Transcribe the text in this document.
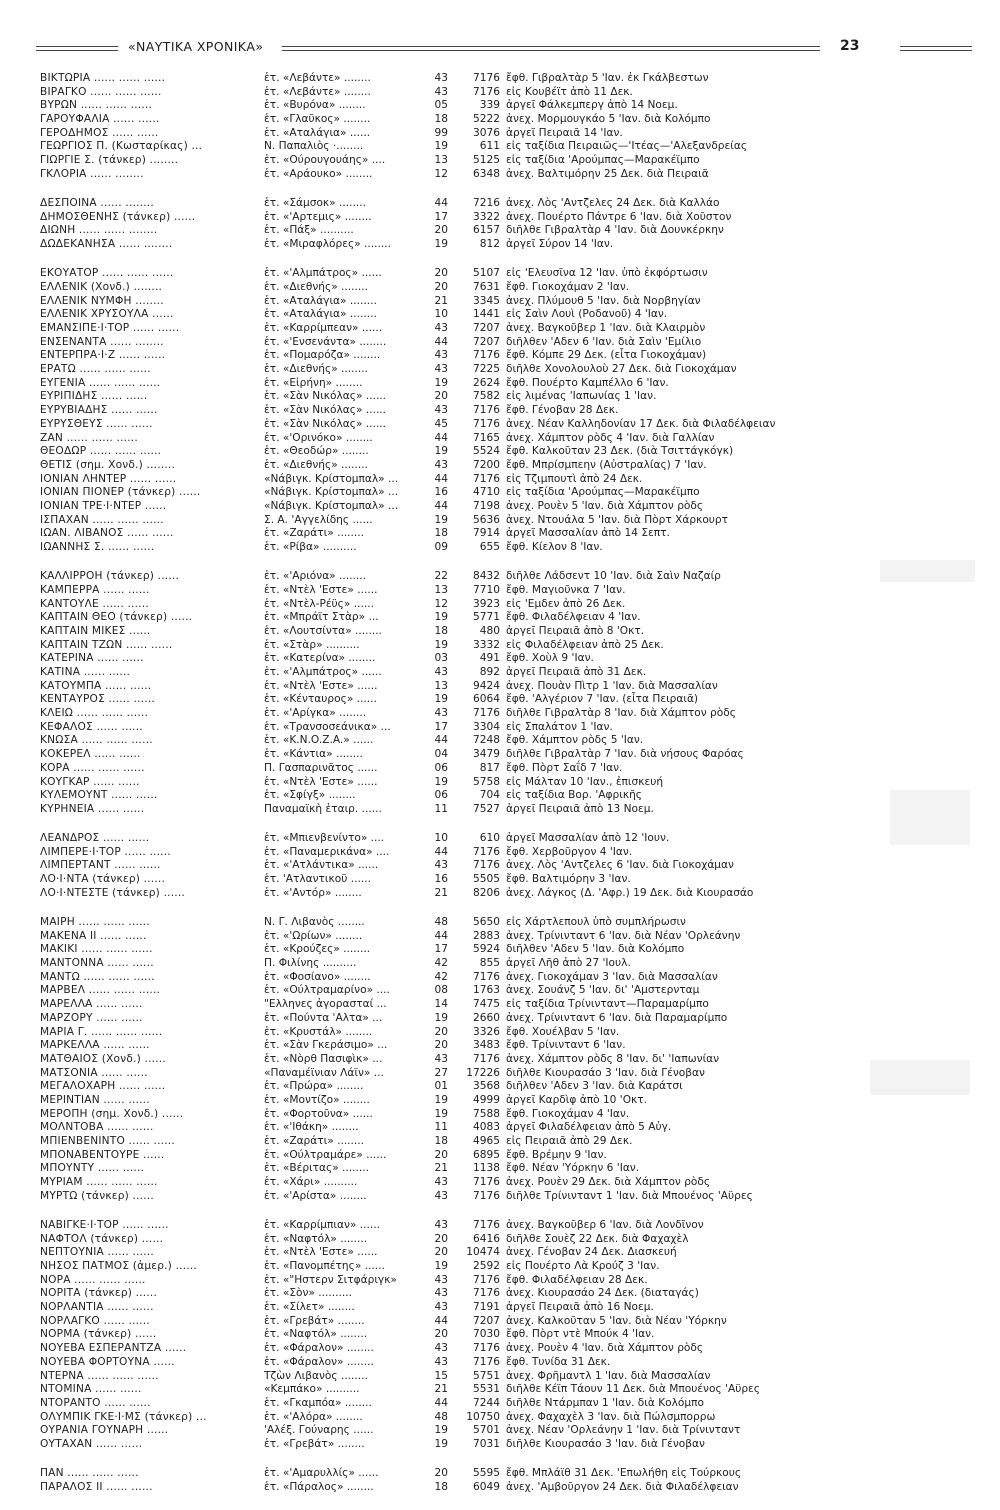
«ΝΑΥΤΙΚΑ ΧΡΟΝΙΚΑ»	23
ΒΙΚΤΩΡΙΑ ...... ...... ......	ἑτ. «Λεβάντε» ........	43	7176 ἔφθ. Γιβραλτὰρ 5 'Ιαν. ἐκ Γκάλβεστων
ΒΙΡΑΓΚΟ ...... ...... ......	ἑτ. «Λεβάντε» ........	43	7176 εἰς Κουβέϊτ ἀπὸ 11 Δεκ.
ΒΥΡΩΝ ...... ...... ......	ἑτ. «Βυρόνα» ........	05	339 ἀργεῖ Φάλκεμπεργ ἀπὸ 14 Νοεμ.
ΓΑΡΟΥΦΑΛΙΑ ...... ......	ἑτ. «Γλαῦκος» ........	18	5222 ἀνεχ. Μορμουγκάο 5 'Ιαν. διὰ Κολόμπο
ΓΕΡΟΔΗΜΟΣ ...... ......	ἑτ. «Αταλάγια» ......	99	3076 ἀργεῖ Πειραιᾶ 14 'Ιαν.
ΓΕΩΡΓΙΟΣ Π. (Κωσταρίκας) ...	Ν. Παπαλιὸς ·........	19	611 εἰς ταξίδια Πειραιῶς—'Ιτέας—'Αλεξανδρείας
ΓΙΩΡΓΙΕ Σ. (τάνκερ) ........	ἑτ. «Ούρουγουάης» ....	13	5125 εἰς ταξίδια 'Αρούμπας—Μαρακέϊμπο
ΓΚΛΟΡΙΑ ...... ........	ἑτ. «Αράουκο» ........	12	6348 ἀνεχ. Βαλτιμόρην 25 Δεκ. διὰ Πειραιᾶ
ΔΕΣΠΟΙΝΑ ...... ........	ἑτ. «Σάμσοκ» ........	44	7216 ἀνεχ. Λὸς 'Αντζελες 24 Δεκ. διὰ Καλλάο
ΔΗΜΟΣΘΕΝΗΣ (τάνκερ) ......	ἑτ. «'Αρτεμις» ........	17	3322 ἀνεχ. Πουέρτο Πάντρε 6 'Ιαν. διὰ Χοῦστον
ΔΙΩΝΗ ...... ...... ........	ἑτ. «Πάξ» ..........	20	6157 διῆλθε Γιβραλτὰρ 4 'Ιαν. διὰ Δουνκέρκην
ΔΩΔΕΚΑΝΗΣΑ ...... ........	ἑτ. «Μιραφλόρες» ........	19	812 ἀργεῖ Σύρον 14 'Ιαν.
ΕΚΟΥΑΤΟΡ ...... ...... ......	ἑτ. «'Αλμπάτρος» ......	20	5107 εἰς 'Ελευσῖνα 12 'Ιαν. ὑπὸ ἐκφόρτωσιν
ΕΛΛΕΝΙΚ (Χονδ.) ........	ἑτ. «Διεθνής» ........	20	7631 ἔφθ. Γιοκοχάμαν 2 'Ιαν.
ΕΛΛΕΝΙΚ ΝΥΜΦΗ ........	ἑτ. «Αταλάγια» ........	21	3345 ἀνεχ. Πλύμουθ 5 'Ιαν. διὰ Νορβηγίαν
ΕΛΛΕΝΙΚ ΧΡΥΣΟΥΛΑ ......	ἑτ. «Αταλάγια» ........	10	1441 εἰς Σαὶν Λουὶ (Ροδανοῦ) 4 'Ιαν.
ΕΜΑΝΣΙΠΕ·Ι·ΤΟΡ ...... ......	ἑτ. «Καρρίμπεαν» ......	43	7207 ἀνεχ. Βαγκοῦβερ 1 'Ιαν. διὰ Κλαιρμὸν
ΕΝΣΕΝΑΝΤΑ ...... ........	ἑτ. «'Ενσενάντα» ........	44	7207 διῆλθεν 'Αδεν 6 'Ιαν. διὰ Σαὶν 'Εμίλιο
ΕΝΤΕΡΠΡΑ·Ι·Ζ ...... ......	ἑτ. «Πομαρόζα» ........	43	7176 ἔφθ. Κόμπε 29 Δεκ. (εἶτα Γιοκοχάμαν)
ΕΡΑΤΩ ...... ...... ......	ἑτ. «Διεθνής» ........	43	7225 διῆλθε Χονολουλοὺ 27 Δεκ. διὰ Γιοκοχάμαν
ΕΥΓΕΝΙΑ ...... ...... ......	ἑτ. «Εἰρήνη» ........	19	2624 ἔφθ. Πουέρτο Καμπέλλο 6 'Ιαν.
ΕΥΡΙΠΙΔΗΣ ...... ......	ἑτ. «Σὰν Νικόλας» ......	20	7582 εἰς λιμένας 'Ιαπωνίας 1 'Ιαν.
ΕΥΡΥΒΙΑΔΗΣ ...... ......	ἑτ. «Σὰν Νικόλας» ......	43	7176 ἔφθ. Γένοβαν 28 Δεκ.
ΕΥΡΥΣΘΕΥΣ ...... ......	ἑτ. «Σὰν Νικόλας» ......	45	7176 ἀνεχ. Νέαν Καλληδονίαν 17 Δεκ. διὰ Φιλαδέλφειαν
ΖΑΝ ...... ...... ......	ἑτ. «'Ορινόκο» ........	44	7165 ἀνεχ. Χάμπτον ρὸδς 4 'Ιαν. διὰ Γαλλίαν
ΘΕΟΔΩΡ ...... ...... ......	ἑτ. «Θεοδώρ» ........	19	5524 ἔφθ. Καλκοῦταν 23 Δεκ. (διὰ Τσιττάγκόγκ)
ΘΕΤΙΣ (σημ. Χονδ.) ........	ἑτ. «Διεθνής» ........	43	7200 ἔφθ. Μπρίσμπεην (Αὐστραλίας) 7 'Ιαν.
ΙΟΝΙΑΝ ΛΗΝΤΕΡ ...... ......	«Νάβιγκ. Κρίστομπαλ» ...	44	7176 εἰς Τζιμπουτὶ ἀπὸ 24 Δεκ.
ΙΟΝΙΑΝ ΠΙΟΝΕΡ (τάνκερ) ......	«Νάβιγκ. Κρίστομπαλ» ...	16	4710 εἰς ταξίδια 'Αρούμπας—Μαρακέϊμπο
ΙΟΝΙΑΝ ΤΡΕ·Ι·ΝΤΕΡ ......	«Νάβιγκ. Κρίστομπαλ» ...	44	7198 ἀνεχ. Ρουὲν 5 'Ιαν. διὰ Χάμπτον ρὸδς
ΙΣΠΑΧΑΝ ...... ...... ......	Σ. Α. 'Αγγελίδης ......	19	5636 ἀνεχ. Ντουάλα 5 'Ιαν. διὰ Πὸρτ Χάρκουρτ
ΙΩΑΝ. ΛΙΒΑΝΟΣ ...... ......	ἑτ. «Ζαράτι» ........	18	7914 ἀργεῖ Μασσαλίαν ἀπὸ 14 Σεπτ.
ΙΩΑΝΝΗΣ Σ. ...... ......	ἑτ. «Ρίβα» ..........	09	655 ἔφθ. Κίελον 8 'Ιαν.
ΚΑΛΛΙΡΡΟΗ (τάνκερ) ......	ἑτ. «'Αριόνα» ........	22	8432 διῆλθε Λάδσεντ 10 'Ιαν. διὰ Σαὶν Ναζαίρ
ΚΑΜΠΕΡΡΑ ...... ......	ἑτ. «Ντὲλ 'Εστε» ......	13	7710 ἔφθ. Μαγιοῦνκα 7 'Ιαν.
ΚΑΝΤΟΥΛΕ ...... ......	ἑτ. «Ντὲλ-Ρέϋς» ......	12	3923 εἰς 'Εμδεν ἀπὸ 26 Δεκ.
ΚΑΠΤΑΙΝ ΘΕΟ (τάνκερ) ......	ἑτ. «Μπράϊτ Στὰρ» ...	19	5771 ἔφθ. Φιλαδέλφειαν 4 'Ιαν.
ΚΑΠΤΑΙΝ ΜΙΚΕΣ ......	ἑτ. «Λουτσίντα» ........	18	480 ἀργεῖ Πειραιᾶ ἀπὸ 8 'Οκτ.
ΚΑΠΤΑΙΝ ΤΖΩΝ ...... ......	ἑτ. «Στὰρ» ..........	19	3332 εἰς Φιλαδέλφειαν ἀπὸ 25 Δεκ.
ΚΑΤΕΡΙΝΑ ...... ......	ἑτ. «Κατερίνα» ........	03	491 ἔφθ. Χοὺλ 9 'Ιαν.
ΚΑΤΙΝΑ ...... ......	ἑτ. «'Αλμπάτρος» ......	43	892 ἀργεῖ Πειραιᾶ ἀπὸ 31 Δεκ.
ΚΑΤΟΥΜΠΑ ...... ......	ἑτ. «Ντὲλ 'Εστε» ......	13	9424 ἀνεχ. Πουὰν Πὶτρ 1 'Ιαν. διὰ Μασσαλίαν
ΚΕΝΤΑΥΡΟΣ ...... ......	ἑτ. «Κένταυρος» ......	19	6064 ἔφθ. 'Αλγέριον 7 'Ιαν. (εἶτα Πειραιᾶ)
ΚΛΕΙΩ ...... ...... ......	ἑτ. «'Αρίγκα» ........	43	7176 διῆλθε Γιβραλτὰρ 8 'Ιαν. διὰ Χάμπτον ρὸδς
ΚΕΦΑΛΟΣ ...... ......	ἑτ. «Τρανσοσεάνικα» ...	17	3304 εἰς Σπαλάτον 1 'Ιαν.
ΚΝΩΣΑ ...... ...... ......	ἑτ. «K.N.O.Z.A.» ......	44	7248 ἔφθ. Χάμπτον ρὸδς 5 'Ιαν.
ΚΟΚΕΡΕΛ ...... ......	ἑτ. «Κάντια» ........	04	3479 διῆλθε Γιβραλτὰρ 7 'Ιαν. διὰ νήσους Φαρόας
ΚΟΡΑ ...... ...... ......	Π. Γασπαρινᾶτος ......	06	817 ἔφθ. Πὸρτ Σαΐδ 7 'Ιαν.
ΚΟΥΓΚΑΡ ...... ......	ἑτ. «Ντὲλ 'Εστε» ......	19	5758 εἰς Μάλταν 10 'Ιαν., ἐπισκευή
ΚΥΛΕΜΟΥΝΤ ...... ......	ἑτ. «Σφίγξ» ........	06	704 εἰς ταξίδια Βορ. 'Αφρικῆς
ΚΥΡΗΝΕΙΑ ...... ......	Παναμαϊκὴ ἑταιρ. ......	11	7527 ἀργεῖ Πειραιᾶ ἀπὸ 13 Νοεμ.
ΛΕΑΝΔΡΟΣ ...... ......	ἑτ. «Μπιενβενίντο» ....	10	610 ἀργεῖ Μασσαλίαν ἀπὸ 12 'Ιουν.
ΛΙΜΠΕΡΕ·Ι·ΤΟΡ ...... ......	ἑτ. «Παναμερικάνα» ....	44	7176 ἔφθ. Χερβοῦργον 4 'Ιαν.
ΛΙΜΠΕΡΤΑΝΤ ...... ......	ἑτ. «'Ατλάντικα» ......	43	7176 ἀνεχ. Λὸς 'Αντζελες 6 'Ιαν. διὰ Γιοκοχάμαν
ΛΟ·Ι·ΝΤΑ (τάνκερ) ......	ἑτ. 'Ατλαντικοῦ ......	16	5505 ἔφθ. Βαλτιμόρην 3 'Ιαν.
ΛΟ·Ι·ΝΤΕΣΤΕ (τάνκερ) ......	ἑτ. «'Αντόρ» ........	21	8206 ἀνεχ. Λάγκος (Δ. 'Αφρ.) 19 Δεκ. διὰ Κιουρασάο
ΜΑΙΡΗ ...... ...... ......	Ν. Γ. Λιβανὸς ........	48	5650 εἰς Χάρτλεπουλ ὑπὸ συμπλήρωσιν
ΜΑΚΕΝΑ ΙΙ ...... ......	ἑτ. «'Ωρίων» ........	44	2883 ἀνεχ. Τρίνινταντ 6 'Ιαν. διὰ Νέαν 'Ορλεάνην
ΜΑΚΙΚΙ ...... ...... ......	ἑτ. «Κρούζες» ........	17	5924 διῆλθεν 'Αδεν 5 'Ιαν. διὰ Κολόμπο
ΜΑΝΤΟΝΝΑ ...... ......	Π. Φιλίνης ..........	42	855 ἀργεῖ Λῆθ ἀπὸ 27 'Ιουλ.
ΜΑΝΤΩ ...... ...... ......	ἑτ. «Φοσίανο» ........	42	7176 ἀνεχ. Γιοκοχάμαν 3 'Ιαν. διὰ Μασσαλίαν
ΜΑΡΒΕΛ ...... ...... ......	ἑτ. «Ούλτραμαρίνο» ....	08	1763 ἀνεχ. Σουάνζ 5 'Ιαν. δι' 'Αμστερνταμ
ΜΑΡΕΛΛΑ ...... ......	"Ελληνες ἀγορασταί ...	14	7475 εἰς ταξίδια Τρίνινταντ—Παραμαρίμπο
ΜΑΡΖΟΡΥ ...... ......	ἑτ. «Πούντα 'Αλτα» ...	19	2660 ἀνεχ. Τρίνινταντ 6 'Ιαν. διὰ Παραμαρίμπο
ΜΑΡΙΑ Γ. ...... ...... ......	ἑτ. «Κρυστάλ» ........	20	3326 ἔφθ. Χουέλβαν 5 'Ιαν.
ΜΑΡΚΕΛΛΑ ...... ......	ἑτ. «Σὰν Γκεράσιμο» ...	20	3483 ἔφθ. Τρίνινταντ 6 'Ιαν.
ΜΑΤΘΑΙΟΣ (Χονδ.) ......	ἑτ. «Νὸρθ Πασιφὶκ» ...	43	7176 ἀνεχ. Χάμπτον ρὸδς 8 'Ιαν. δι' 'Ιαπωνίαν
ΜΑΤΣΟΝΙΑ ...... ......	«Παναμέϊνιαν Λάϊν» ...	27	17226 διῆλθε Κιουρασάο 3 'Ιαν. διὰ Γένοβαν
ΜΕΓΑΛΟΧΑΡΗ ...... ......	ἑτ. «Πρώρα» ........	01	3568 διῆλθεν 'Αδεν 3 'Ιαν. διὰ Καράτσι
ΜΕΡΙΝΤΙΑΝ ...... ......	ἑτ. «Μοντίζο» ........	19	4999 ἀργεῖ Καρδὶφ ἀπὸ 10 'Οκτ.
ΜΕΡΟΠΗ (σημ. Χονδ.) ......	ἑτ. «Φορτοῦνα» ......	19	7588 ἔφθ. Γιοκοχάμαν 4 'Ιαν.
ΜΟΛΝΤΟΒΑ ...... ......	ἑτ. «'Ιθάκη» ........	11	4083 ἀργεῖ Φιλαδέλφειαν ἀπὸ 5 Αὐγ.
ΜΠΙΕΝΒΕΝΙΝΤΟ ...... ......	ἑτ. «Ζαράτι» ........	18	4965 εἰς Πειραιᾶ ἀπὸ 29 Δεκ.
ΜΠΟΝΑΒΕΝΤΟΥΡΕ ......	ἑτ. «Ούλτραμάρε» ......	20	6895 ἔφθ. Βρέμην 9 'Ιαν.
ΜΠΟΥΝΤΥ ...... ......	ἑτ. «Βέριτας» ........	21	1138 ἔφθ. Νέαν 'Υόρκην 6 'Ιαν.
ΜΥΡΙΑΜ ...... ...... ......	ἑτ. «Χάρι» ..........	43	7176 ἀνεχ. Ρουὲν 29 Δεκ. διὰ Χάμπτον ρὸδς
ΜΥΡΤΩ (τάνκερ) ......	ἑτ. «'Αρίστα» ........	43	7176 διῆλθε Τρίνινταντ 1 'Ιαν. διὰ Μπουένος 'Αϋρες
ΝΑΒΙΓΚΕ·Ι·ΤΟΡ ...... ......	ἑτ. «Καρρίμπιαν» ......	43	7176 ἀνεχ. Βαγκοῦβερ 6 'Ιαν. διὰ Λονδῖνον
ΝΑΦΤΟΛ (τάνκερ) ......	ἑτ. «Ναφτόλ» ........	20	6416 διῆλθε Σουὲζ 22 Δεκ. διὰ Φαχαχὲλ
ΝΕΠΤΟΥΝΙΑ ...... ......	ἑτ. «Ντὲλ 'Εστε» ......	20	10474 ἀνεχ. Γένοβαν 24 Δεκ. Διασκευή
ΝΗΣΟΣ ΠΑΤΜΟΣ (ἀμερ.) ......	ἑτ. «Πανομπέτης» ......	19	2592 εἰς Πουέρτο Λὰ Κρούζ 3 'Ιαν.
ΝΟΡΑ ...... ...... ......	ἑτ. «"Ηστερν Σιτφάριγκ»	43	7176 ἔφθ. Φιλαδέλφειαν 28 Δεκ.
ΝΟΡΙΤΑ (τάνκερ) ......	ἑτ. «Σὸν» ..........	43	7176 ἀνεχ. Κιουρασάο 24 Δεκ. (διαταγάς)
ΝΟΡΛΑΝΤΙΑ ...... ......	ἑτ. «Σίλετ» ........	43	7191 ἀργεῖ Πειραιᾶ ἀπὸ 16 Νοεμ.
ΝΟΡΛΑΓΚΟ ...... ......	ἑτ. «Γρεβάτ» ........	44	7207 ἀνεχ. Καλκοῦταν 5 'Ιαν. διὰ Νέαν 'Υόρκην
ΝΟΡΜΑ (τάνκερ) ......	ἑτ. «Ναφτόλ» ........	20	7030 ἔφθ. Πὸρτ ντὲ Μπούκ 4 'Ιαν.
ΝΟΥΕΒΑ ΕΣΠΕΡΑΝΤΖΑ ......	ἑτ. «Φάραλον» ........	43	7176 ἀνεχ. Ρουὲν 4 'Ιαν. διὰ Χάμπτον ρὸδς
ΝΟΥΕΒΑ ΦΟΡΤΟΥΝΑ ......	ἑτ. «Φάραλον» ........	43	7176 ἔφθ. Τυνίδα 31 Δεκ.
ΝΤΕΡΝΑ ...... ...... ......	Τζὼν Λιβανὸς ........	15	5751 ἀνεχ. Φρῆμαντλ 1 'Ιαν. διὰ Μασσαλίαν
ΝΤΟΜΙΝΑ ...... ......	«Κεμπάκο» ..........	21	5531 διῆλθε Κέϊπ Τάουν 11 Δεκ. διὰ Μπουένος 'Αϋρες
ΝΤΟΡΑΝΤΟ ...... ......	ἑτ. «Γκαμπόα» ........	44	7244 διῆλθε Ντάρμπαν 1 'Ιαν. διὰ Κολόμπο
ΟΛΥΜΠΙΚ ΓΚΕ·Ι·ΜΣ (τάνκερ) ...	ἑτ. «'Αλόρα» ........	48	10750 ἀνεχ. Φαχαχὲλ 3 'Ιαν. διὰ Πώλσμπορρω
ΟΥΡΑΝΙΑ ΓΟΥΝΑΡΗ ......	'Αλέξ. Γούναρης ......	19	5701 ἀνεχ. Νέαν 'Ορλεάνην 1 'Ιαν. διὰ Τρίνινταντ
ΟΥΤΑΧΑΝ ...... ......	ἑτ. «Γρεβάτ» ........	19	7031 διῆλθε Κιουρασάο 3 'Ιαν. διὰ Γένοβαν
ΠΑΝ ...... ...... ......	ἑτ. «'Αμαρυλλίς» ......	20	5595 ἔφθ. Μπλάϊθ 31 Δεκ. 'Επωλήθη εἰς Τούρκους
ΠΑΡΑΛΟΣ ΙΙ ...... ......	ἑτ. «Πάραλος» ........	18	6049 ἀνεχ. 'Αμβοῦργον 24 Δεκ. διὰ Φιλαδέλφειαν
